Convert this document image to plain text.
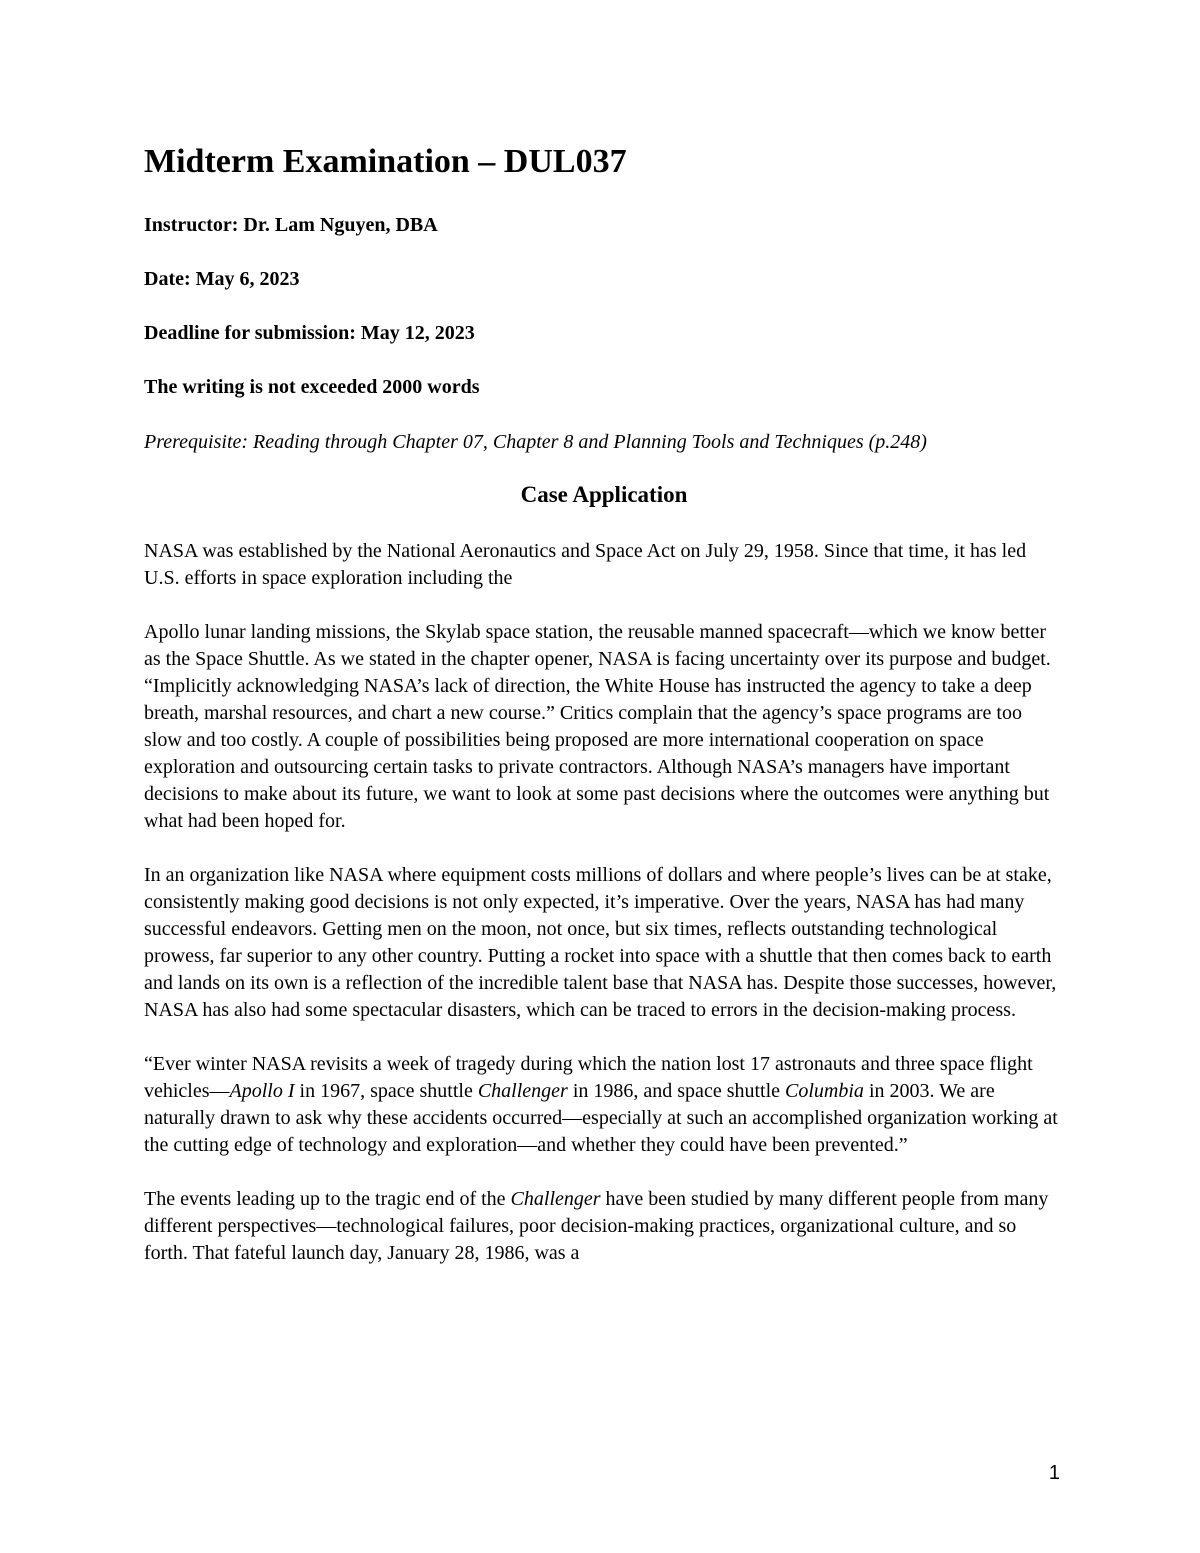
Midterm Examination – DUL037
Instructor: Dr. Lam Nguyen, DBA
Date: May 6, 2023
Deadline for submission: May 12, 2023
The writing is not exceeded 2000 words
Prerequisite: Reading through Chapter 07, Chapter 8 and Planning Tools and Techniques (p.248)
Case Application

NASA was established by the National Aeronautics and Space Act on July 29, 1958. Since that time, it has led U.S. efforts in space exploration including the

Apollo lunar landing missions, the Skylab space station, the reusable manned spacecraft—which we know better as the Space Shuttle. As we stated in the chapter opener, NASA is facing uncertainty over its purpose and budget. “Implicitly acknowledging NASA’s lack of direction, the White House has instructed the agency to take a deep breath, marshal resources, and chart a new course.” Critics complain that the agency’s space programs are too slow and too costly. A couple of possibilities being proposed are more international cooperation on space exploration and outsourcing certain tasks to private contractors. Although NASA’s managers have important decisions to make about its future, we want to look at some past decisions where the outcomes were anything but what had been hoped for.

In an organization like NASA where equipment costs millions of dollars and where people’s lives can be at stake, consistently making good decisions is not only expected, it’s imperative. Over the years, NASA has had many successful endeavors. Getting men on the moon, not once, but six times, reflects outstanding technological prowess, far superior to any other country. Putting a rocket into space with a shuttle that then comes back to earth and lands on its own is a reflection of the incredible talent base that NASA has. Despite those successes, however, NASA has also had some spectacular disasters, which can be traced to errors in the decision-making process.

“Ever winter NASA revisits a week of tragedy during which the nation lost 17 astronauts and three space flight vehicles—Apollo I in 1967, space shuttle Challenger in 1986, and space shuttle Columbia in 2003. We are naturally drawn to ask why these accidents occurred—especially at such an accomplished organization working at the cutting edge of technology and exploration—and whether they could have been prevented.”

The events leading up to the tragic end of the Challenger have been studied by many different people from many different perspectives—technological failures, poor decision-making practices, organizational culture, and so forth. That fateful launch day, January 28, 1986, was a

1
